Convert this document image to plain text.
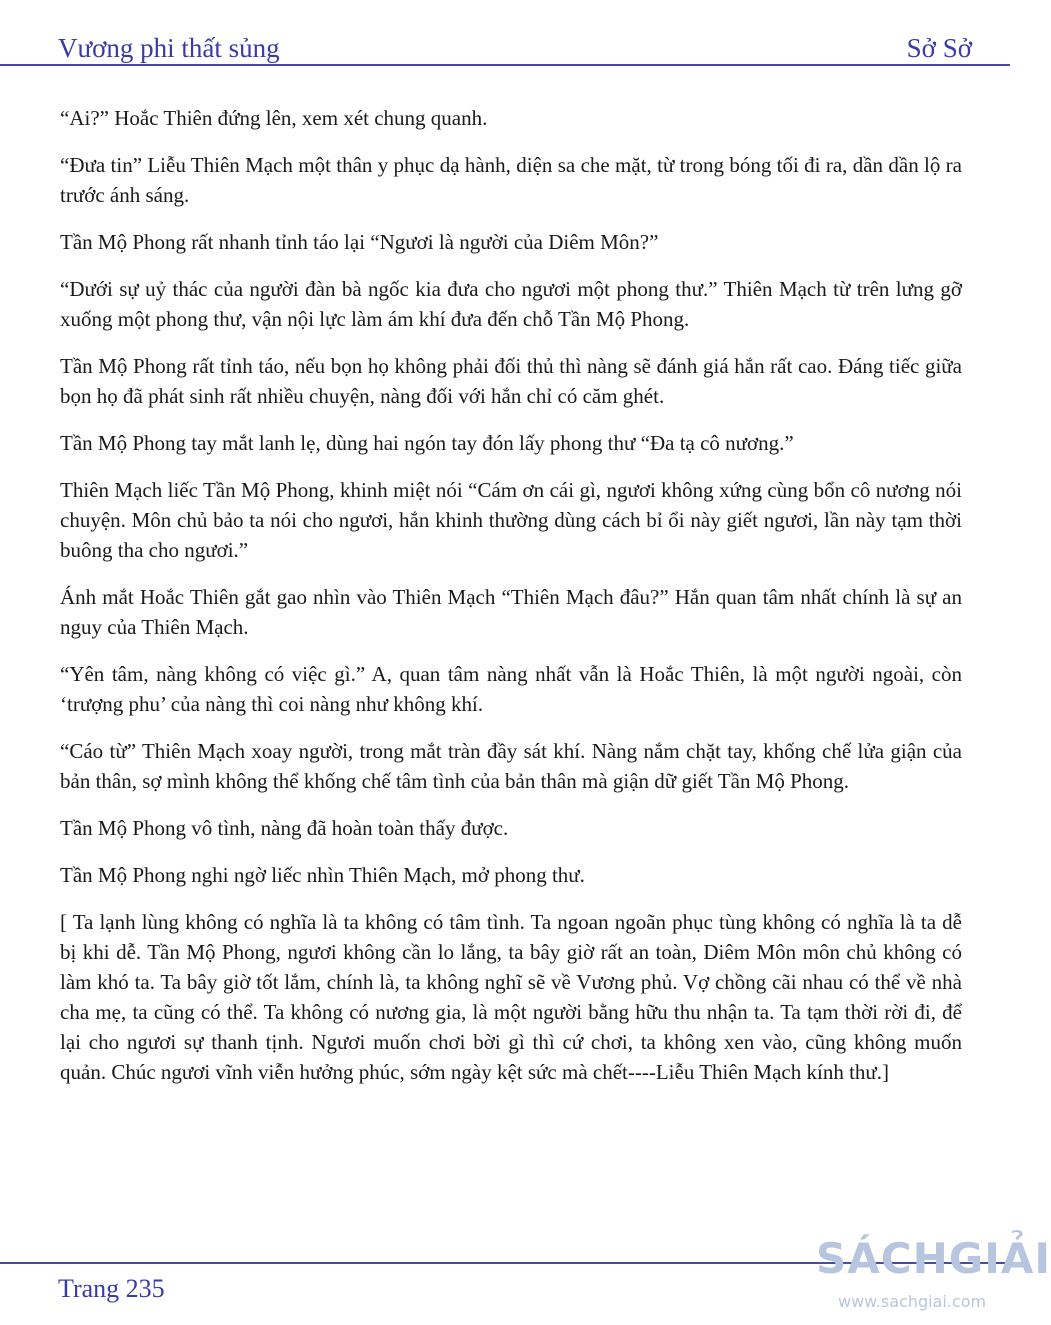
Vương phi thất sủng	Sở Sở

“Ai?” Hoắc Thiên đứng lên, xem xét chung quanh.

“Đưa tin” Liễu Thiên Mạch một thân y phục dạ hành, diện sa che mặt, từ trong bóng tối đi ra, dần dần lộ ra trước ánh sáng.

Tần Mộ Phong rất nhanh tỉnh táo lại “Ngươi là người của Diêm Môn?”

“Dưới sự uỷ thác của người đàn bà ngốc kia đưa cho ngươi một phong thư.” Thiên Mạch từ trên lưng gỡ xuống một phong thư, vận nội lực làm ám khí đưa đến chỗ Tần Mộ Phong.

Tần Mộ Phong rất tỉnh táo, nếu bọn họ không phải đối thủ thì nàng sẽ đánh giá hắn rất cao. Đáng tiếc giữa bọn họ đã phát sinh rất nhiều chuyện, nàng đối với hắn chỉ có căm ghét.

Tần Mộ Phong tay mắt lanh lẹ, dùng hai ngón tay đón lấy phong thư “Đa tạ cô nương.”

Thiên Mạch liếc Tần Mộ Phong, khinh miệt nói “Cám ơn cái gì, ngươi không xứng cùng bổn cô nương nói chuyện. Môn chủ bảo ta nói cho ngươi, hắn khinh thường dùng cách bỉ ổi này giết ngươi, lần này tạm thời buông tha cho ngươi.”

Ánh mắt Hoắc Thiên gắt gao nhìn vào Thiên Mạch “Thiên Mạch đâu?” Hắn quan tâm nhất chính là sự an nguy của Thiên Mạch.

“Yên tâm, nàng không có việc gì.” A, quan tâm nàng nhất vẫn là Hoắc Thiên, là một người ngoài, còn ‘trượng phu’ của nàng thì coi nàng như không khí.

“Cáo từ” Thiên Mạch xoay người, trong mắt tràn đầy sát khí. Nàng nắm chặt tay, khống chế lửa giận của bản thân, sợ mình không thể khống chế tâm tình của bản thân mà giận dữ giết Tần Mộ Phong.

Tần Mộ Phong vô tình, nàng đã hoàn toàn thấy được.

Tần Mộ Phong nghi ngờ liếc nhìn Thiên Mạch, mở phong thư.

[ Ta lạnh lùng không có nghĩa là ta không có tâm tình. Ta ngoan ngoãn phục tùng không có nghĩa là ta dễ bị khi dễ. Tần Mộ Phong, ngươi không cần lo lắng, ta bây giờ rất an toàn, Diêm Môn môn chủ không có làm khó ta. Ta bây giờ tốt lắm, chính là, ta không nghĩ sẽ về Vương phủ. Vợ chồng cãi nhau có thể về nhà cha mẹ, ta cũng có thể. Ta không có nương gia, là một người bằng hữu thu nhận ta. Ta tạm thời rời đi, để lại cho ngươi sự thanh tịnh. Ngươi muốn chơi bời gì thì cứ chơi, ta không xen vào, cũng không muốn quản. Chúc ngươi vĩnh viễn hưởng phúc, sớm ngày kệt sức mà chết----Liễu Thiên Mạch kính thư.]

Trang 235
SÁCHGIẢI
www.sachgiai.com
